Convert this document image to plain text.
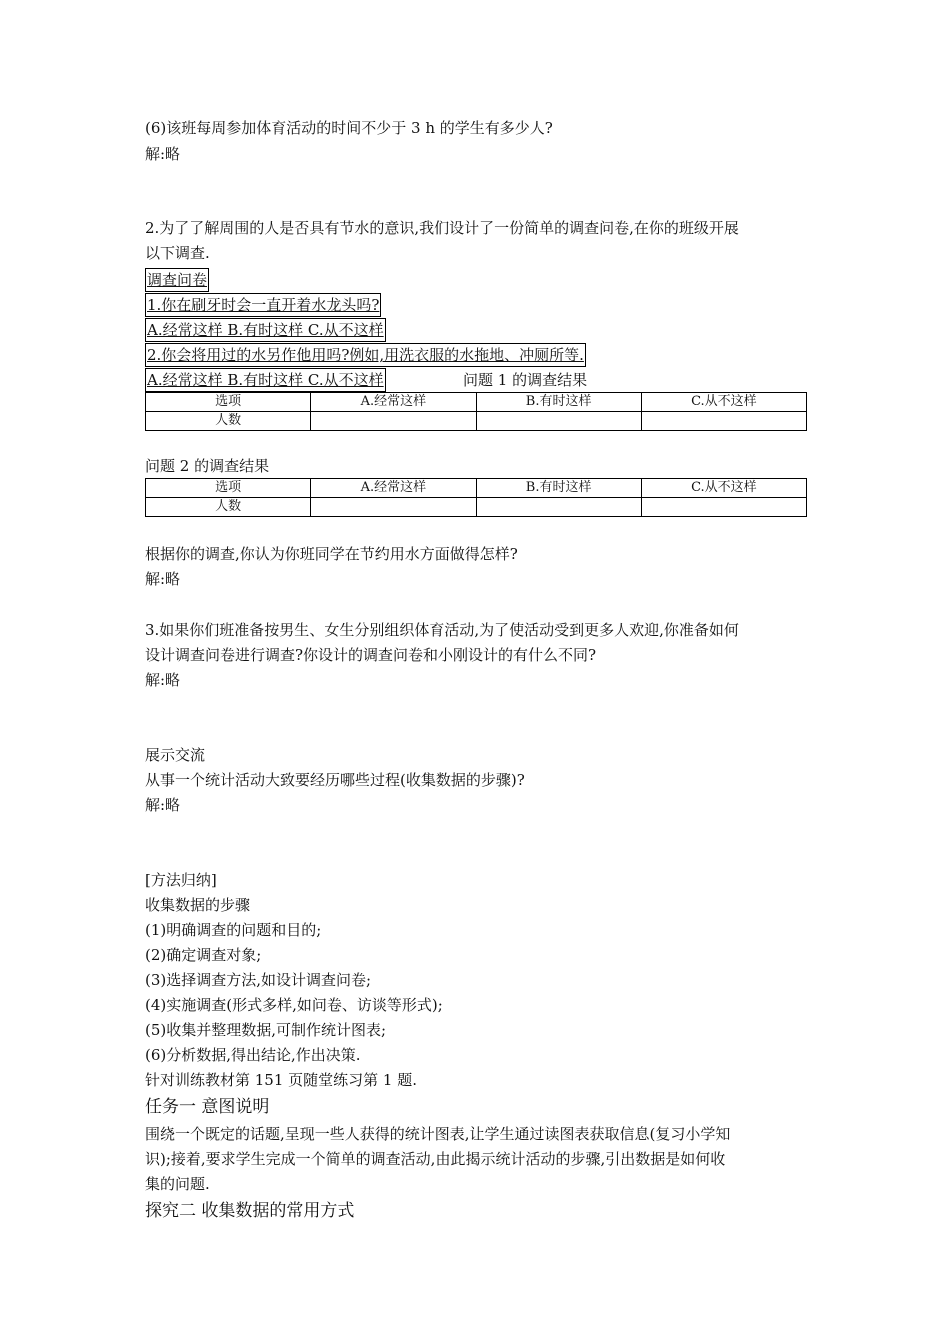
(6)该班每周参加体育活动的时间不少于 3 h 的学生有多少人?
解:略
2.为了了解周围的人是否具有节水的意识,我们设计了一份简单的调查问卷,在你的班级开展
以下调查.
调查问卷
1.你在刷牙时会一直开着水龙头吗?
A.经常这样 B.有时这样 C.从不这样
2.你会将用过的水另作他用吗?例如,用洗衣服的水拖地、冲厕所等.
A.经常这样 B.有时这样 C.从不这样	问题 1 的调查结果
选项	A.经常这样	B.有时这样	C.从不这样
人数			
问题 2 的调查结果
选项	A.经常这样	B.有时这样	C.从不这样
人数			
根据你的调查,你认为你班同学在节约用水方面做得怎样?
解:略
3.如果你们班准备按男生、女生分别组织体育活动,为了使活动受到更多人欢迎,你准备如何
设计调查问卷进行调查?你设计的调查问卷和小刚设计的有什么不同?
解:略
展示交流
从事一个统计活动大致要经历哪些过程(收集数据的步骤)?
解:略
[方法归纳]
收集数据的步骤
(1)明确调查的问题和目的;
(2)确定调查对象;
(3)选择调查方法,如设计调查问卷;
(4)实施调查(形式多样,如问卷、访谈等形式);
(5)收集并整理数据,可制作统计图表;
(6)分析数据,得出结论,作出决策.
针对训练教材第 151 页随堂练习第 1 题.
任务一 意图说明
围绕一个既定的话题,呈现一些人获得的统计图表,让学生通过读图表获取信息(复习小学知
识);接着,要求学生完成一个简单的调查活动,由此揭示统计活动的步骤,引出数据是如何收
集的问题.
探究二 收集数据的常用方式
